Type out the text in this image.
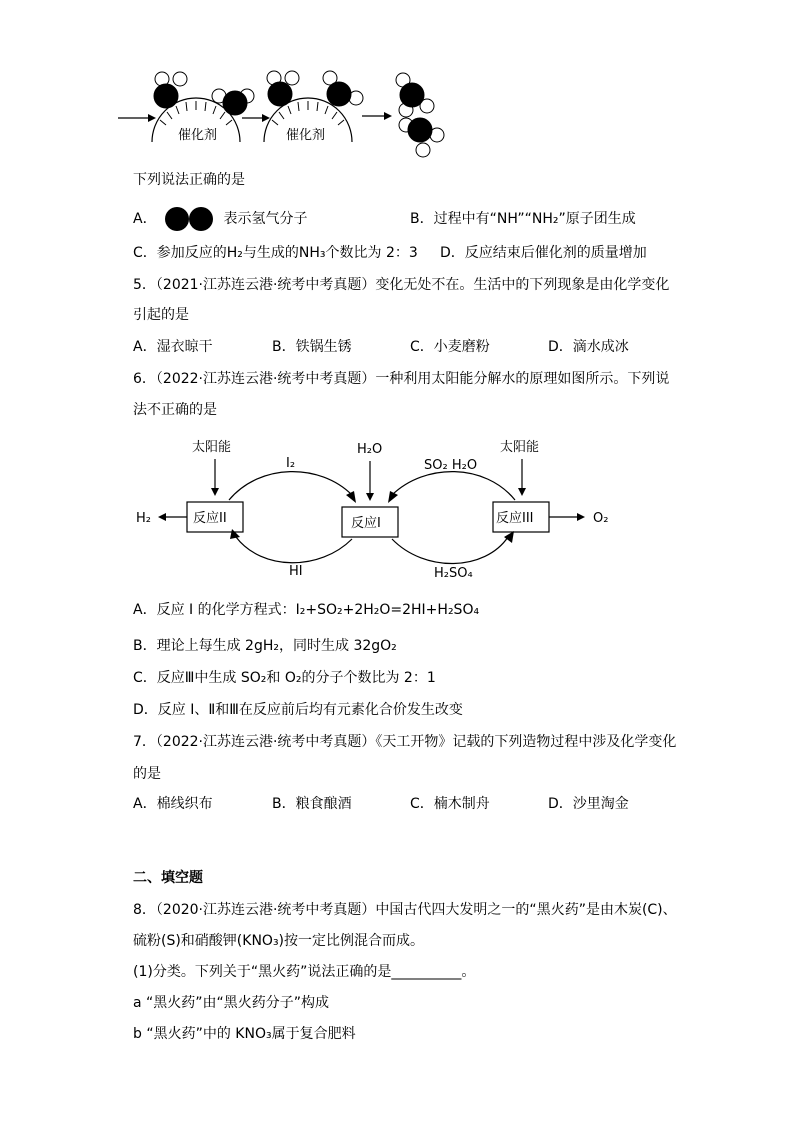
催化剂	催化剂
下列说法正确的是
A．	表示氢气分子	B．过程中有“NH”“NH₂”原子团生成
C．参加反应的H₂与生成的NH₃个数比为 2：3 D．反应结束后催化剂的质量增加
5．（2021·江苏连云港·统考中考真题）变化无处不在。生活中的下列现象是由化学变化
引起的是
A．湿衣晾干	B．铁锅生锈	C．小麦磨粉	D．滴水成冰
6．（2022·江苏连云港·统考中考真题）一种利用太阳能分解水的原理如图所示。下列说
法不正确的是
太阳能	H₂O	太阳能
反应II	反应I	反应III
I₂	SO₂ H₂O
HI	H₂SO₄
H₂	O₂
A．反应 I 的化学方程式：I₂+SO₂+2H₂O=2HI+H₂SO₄
B．理论上每生成 2gH₂，同时生成 32gO₂
C．反应Ⅲ中生成 SO₂和 O₂的分子个数比为 2：1
D．反应 I、Ⅱ和Ⅲ在反应前后均有元素化合价发生改变
7．（2022·江苏连云港·统考中考真题）《天工开物》记载的下列造物过程中涉及化学变化
的是
A．棉线织布	B．粮食酿酒	C．楠木制舟	D．沙里淘金
二、填空题
8．（2020·江苏连云港·统考中考真题）中国古代四大发明之一的“黑火药”是由木炭(C)、
硫粉(S)和硝酸钾(KNO₃)按一定比例混合而成。
(1)分类。下列关于“黑火药”说法正确的是__________。
a “黑火药”由“黑火药分子”构成
b “黑火药”中的 KNO₃属于复合肥料
